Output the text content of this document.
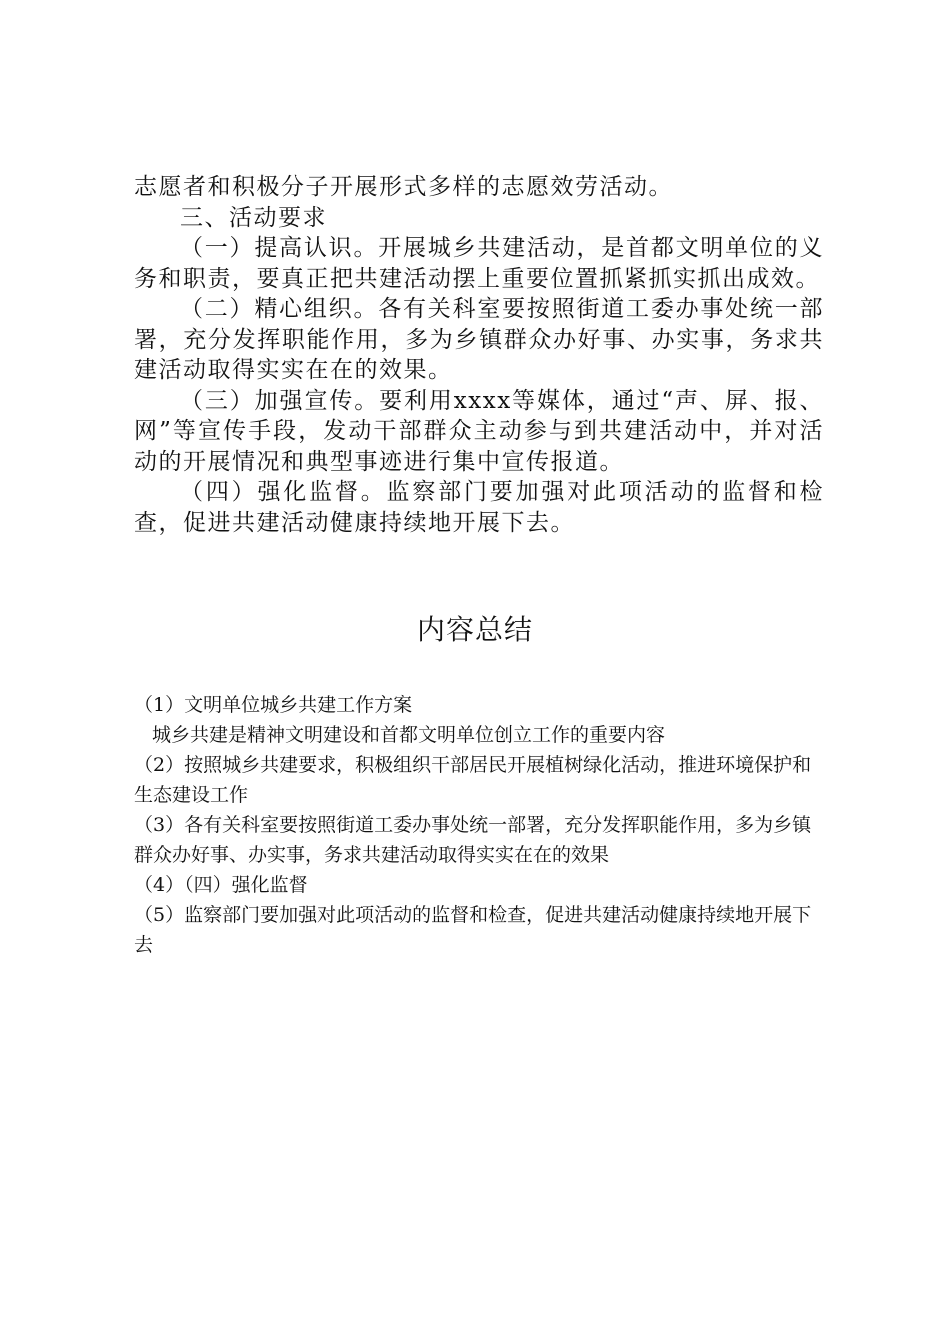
志愿者和积极分子开展形式多样的志愿效劳活动。

三、活动要求

（一）提高认识。开展城乡共建活动，是首都文明单位的义务和职责，要真正把共建活动摆上重要位置抓紧抓实抓出成效。

（二）精心组织。各有关科室要按照街道工委办事处统一部署，充分发挥职能作用，多为乡镇群众办好事、办实事，务求共建活动取得实实在在的效果。

（三）加强宣传。要利用xxxx等媒体，通过“声、屏、报、网”等宣传手段，发动干部群众主动参与到共建活动中，并对活动的开展情况和典型事迹进行集中宣传报道。

（四）强化监督。监察部门要加强对此项活动的监督和检查，促进共建活动健康持续地开展下去。

内容总结

（1）文明单位城乡共建工作方案

城乡共建是精神文明建设和首都文明单位创立工作的重要内容

（2）按照城乡共建要求，积极组织干部居民开展植树绿化活动，推进环境保护和生态建设工作

（3）各有关科室要按照街道工委办事处统一部署，充分发挥职能作用，多为乡镇群众办好事、办实事，务求共建活动取得实实在在的效果

（4）（四）强化监督

（5）监察部门要加强对此项活动的监督和检查，促进共建活动健康持续地开展下去
